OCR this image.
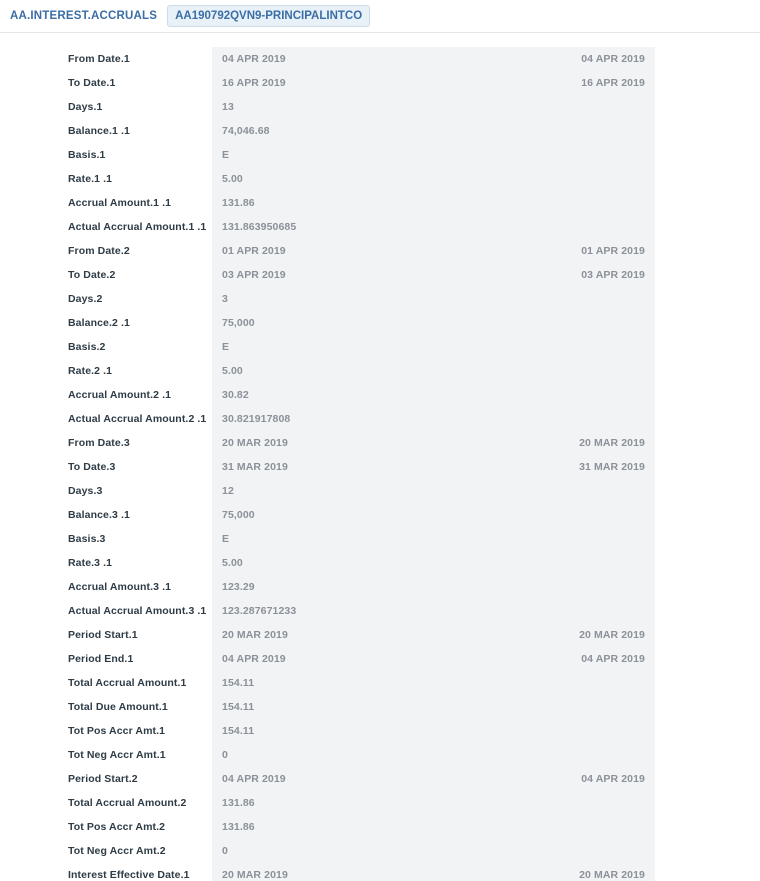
AA.INTEREST.ACCRUALS	AA190792QVN9-PRINCIPALINTCO
From Date.1	04 APR 2019	04 APR 2019
To Date.1	16 APR 2019	16 APR 2019
Days.1	13
Balance.1 .1	74,046.68
Basis.1	E
Rate.1 .1	5.00
Accrual Amount.1 .1	131.86
Actual Accrual Amount.1 .1	131.863950685
From Date.2	01 APR 2019	01 APR 2019
To Date.2	03 APR 2019	03 APR 2019
Days.2	3
Balance.2 .1	75,000
Basis.2	E
Rate.2 .1	5.00
Accrual Amount.2 .1	30.82
Actual Accrual Amount.2 .1	30.821917808
From Date.3	20 MAR 2019	20 MAR 2019
To Date.3	31 MAR 2019	31 MAR 2019
Days.3	12
Balance.3 .1	75,000
Basis.3	E
Rate.3 .1	5.00
Accrual Amount.3 .1	123.29
Actual Accrual Amount.3 .1	123.287671233
Period Start.1	20 MAR 2019	20 MAR 2019
Period End.1	04 APR 2019	04 APR 2019
Total Accrual Amount.1	154.11
Total Due Amount.1	154.11
Tot Pos Accr Amt.1	154.11
Tot Neg Accr Amt.1	0
Period Start.2	04 APR 2019	04 APR 2019
Total Accrual Amount.2	131.86
Tot Pos Accr Amt.2	131.86
Tot Neg Accr Amt.2	0
Interest Effective Date.1	20 MAR 2019	20 MAR 2019
